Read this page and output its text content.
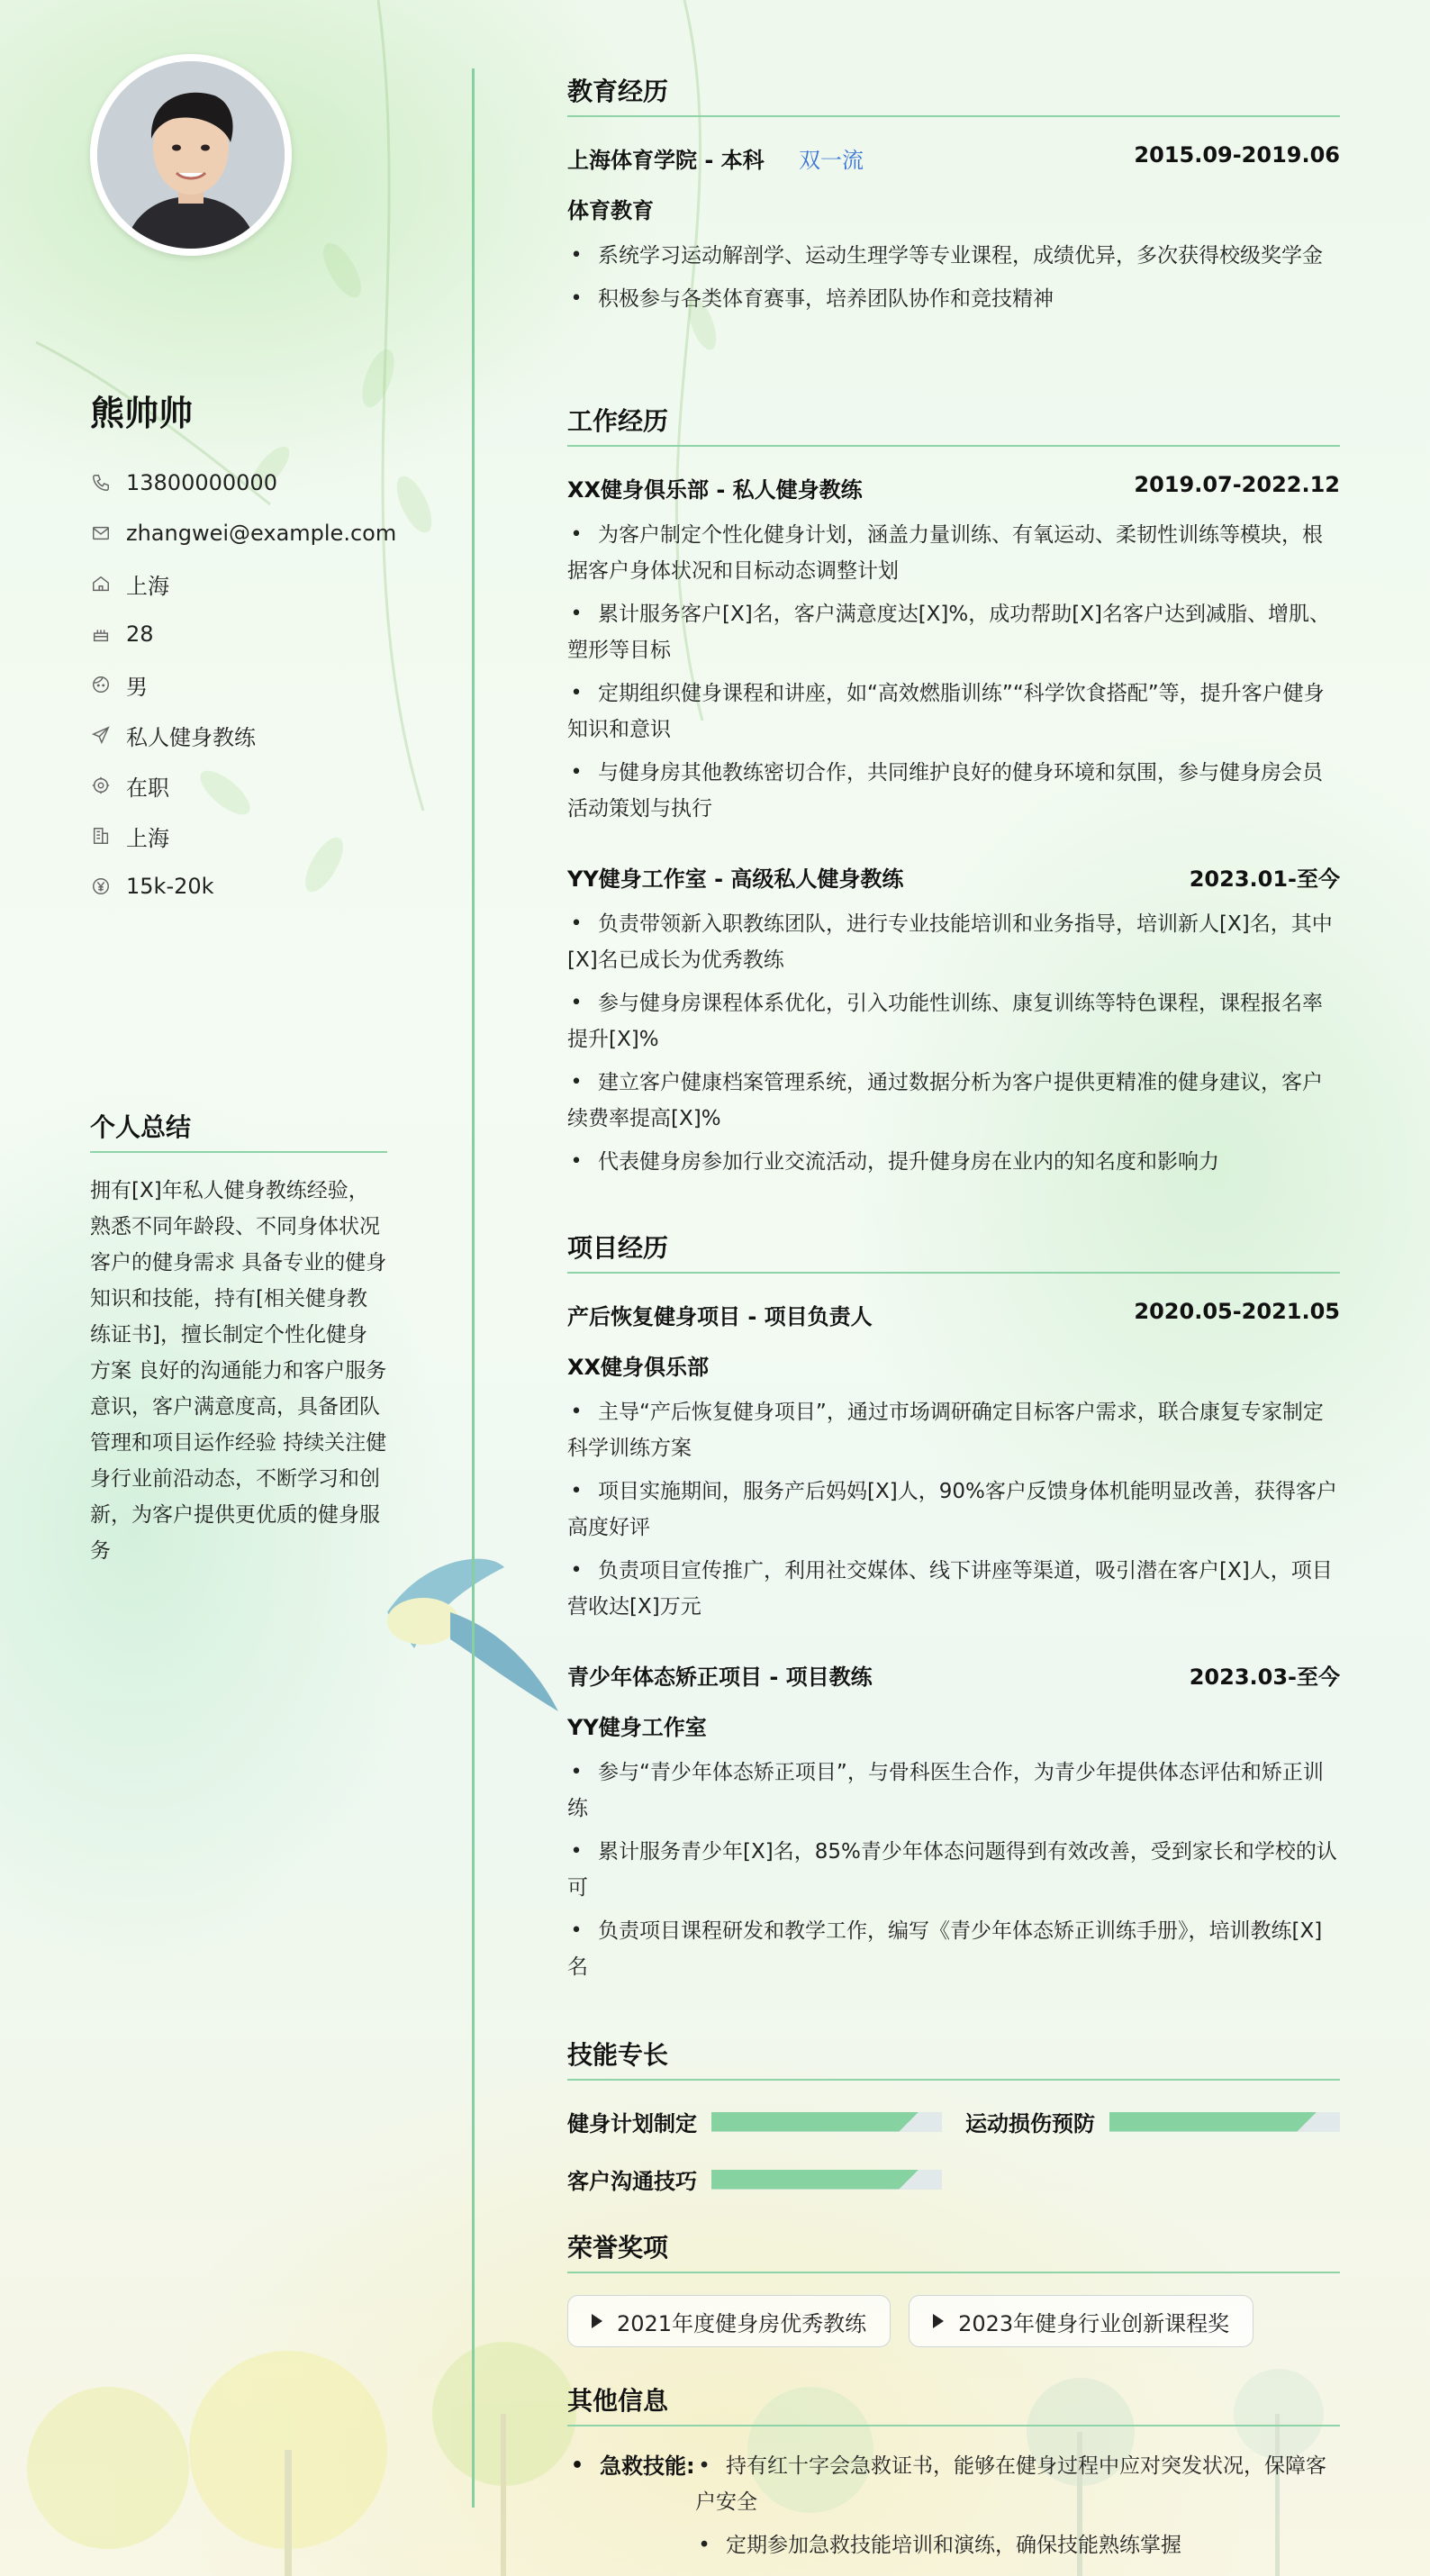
熊帅帅
13800000000
zhangwei@example.com
上海
28
男
私人健身教练
在职
上海
15k-20k
个人总结
拥有[X]年私人健身教练经验，熟悉不同年龄段、不同身体状况客户的健身需求 具备专业的健身知识和技能，持有[相关健身教练证书]，擅长制定个性化健身方案 良好的沟通能力和客户服务意识，客户满意度高，具备团队管理和项目运作经验 持续关注健身行业前沿动态，不断学习和创新，为客户提供更优质的健身服务
教育经历
上海体育学院 - 本科 双一流	2015.09-2019.06
体育教育
• 系统学习运动解剖学、运动生理学等专业课程，成绩优异，多次获得校级奖学金
• 积极参与各类体育赛事，培养团队协作和竞技精神
工作经历
XX健身俱乐部 - 私人健身教练	2019.07-2022.12
• 为客户制定个性化健身计划，涵盖力量训练、有氧运动、柔韧性训练等模块，根据客户身体状况和目标动态调整计划
• 累计服务客户[X]名，客户满意度达[X]%，成功帮助[X]名客户达到减脂、增肌、塑形等目标
• 定期组织健身课程和讲座，如“高效燃脂训练”“科学饮食搭配”等，提升客户健身知识和意识
• 与健身房其他教练密切合作，共同维护良好的健身环境和氛围，参与健身房会员活动策划与执行
YY健身工作室 - 高级私人健身教练	2023.01-至今
• 负责带领新入职教练团队，进行专业技能培训和业务指导，培训新人[X]名，其中[X]名已成长为优秀教练
• 参与健身房课程体系优化，引入功能性训练、康复训练等特色课程，课程报名率提升[X]%
• 建立客户健康档案管理系统，通过数据分析为客户提供更精准的健身建议，客户续费率提高[X]%
• 代表健身房参加行业交流活动，提升健身房在业内的知名度和影响力
项目经历
产后恢复健身项目 - 项目负责人	2020.05-2021.05
XX健身俱乐部
• 主导“产后恢复健身项目”，通过市场调研确定目标客户需求，联合康复专家制定科学训练方案
• 项目实施期间，服务产后妈妈[X]人，90%客户反馈身体机能明显改善，获得客户高度好评
• 负责项目宣传推广，利用社交媒体、线下讲座等渠道，吸引潜在客户[X]人，项目营收达[X]万元
青少年体态矫正项目 - 项目教练	2023.03-至今
YY健身工作室
• 参与“青少年体态矫正项目”，与骨科医生合作，为青少年提供体态评估和矫正训练
• 累计服务青少年[X]名，85%青少年体态问题得到有效改善，受到家长和学校的认可
• 负责项目课程研发和教学工作，编写《青少年体态矫正训练手册》，培训教练[X]名
技能专长
健身计划制定	运动损伤预防
客户沟通技巧
荣誉奖项
2021年度健身房优秀教练	2023年健身行业创新课程奖
其他信息
• 急救技能:
•	持有红十字会急救证书，能够在健身过程中应对突发状况，保障客户安全
• 定期参加急救技能培训和演练，确保技能熟练掌握
